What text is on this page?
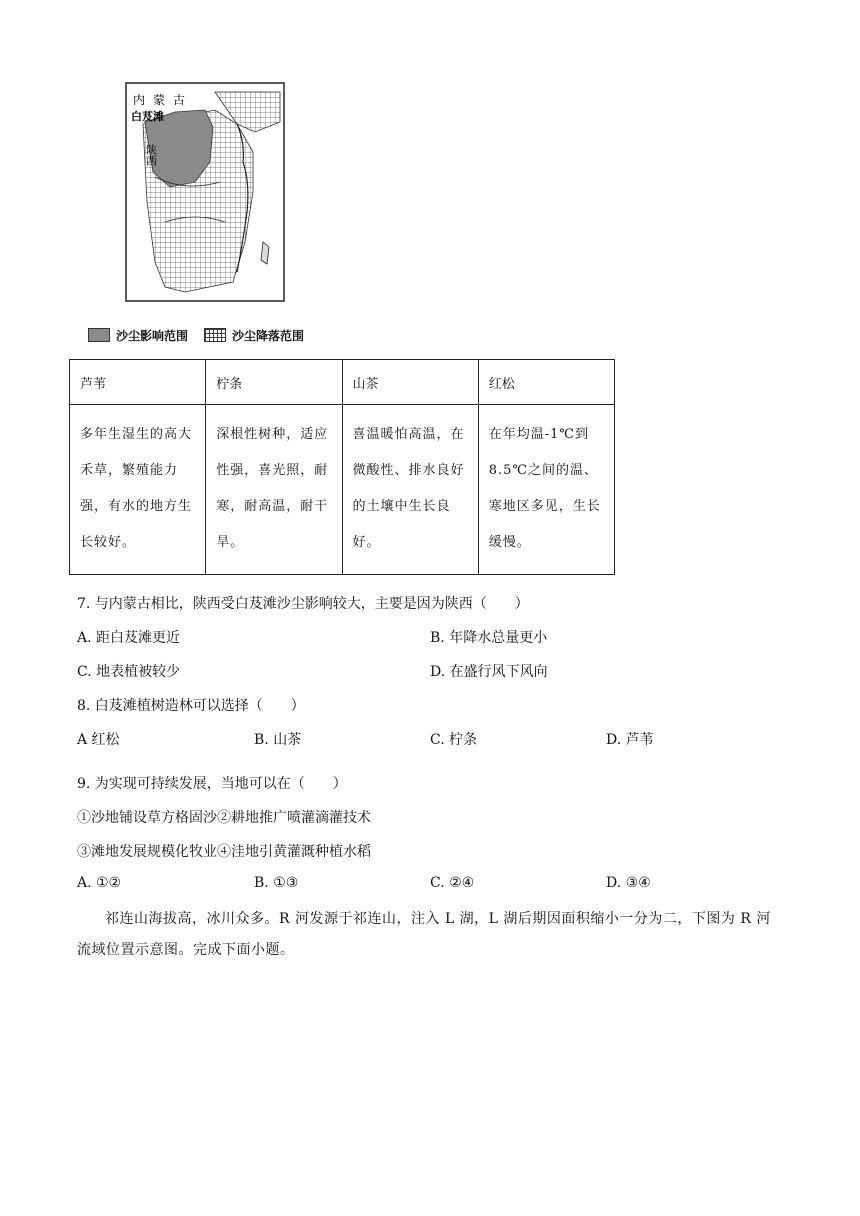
内蒙古
白芨滩
陕西
沙尘影响范围	沙尘降落范围
芦苇	柠条	山茶	红松
多年生湿生的高大禾草，繁殖能力强，有水的地方生长较好。	深根性树种，适应性强，喜光照，耐寒，耐高温，耐干旱。	喜温暖怕高温，在微酸性、排水良好的土壤中生长良好。	在年均温-1℃到8.5℃之间的温、寒地区多见，生长缓慢。
7. 与内蒙古相比，陕西受白芨滩沙尘影响较大，主要是因为陕西（　　）
A. 距白芨滩更近	B. 年降水总量更小
C. 地表植被较少	D. 在盛行风下风向
8. 白芨滩植树造林可以选择（　　）
A 红松	B. 山茶	C. 柠条	D. 芦苇
9. 为实现可持续发展，当地可以在（　　）
①沙地铺设草方格固沙②耕地推广喷灌滴灌技术
③滩地发展规模化牧业④洼地引黄灌溉种植水稻
A. ①②	B. ①③	C. ②④	D. ③④
祁连山海拔高，冰川众多。R 河发源于祁连山，注入 L 湖，L 湖后期因面积缩小一分为二，下图为 R 河流域位置示意图。完成下面小题。
